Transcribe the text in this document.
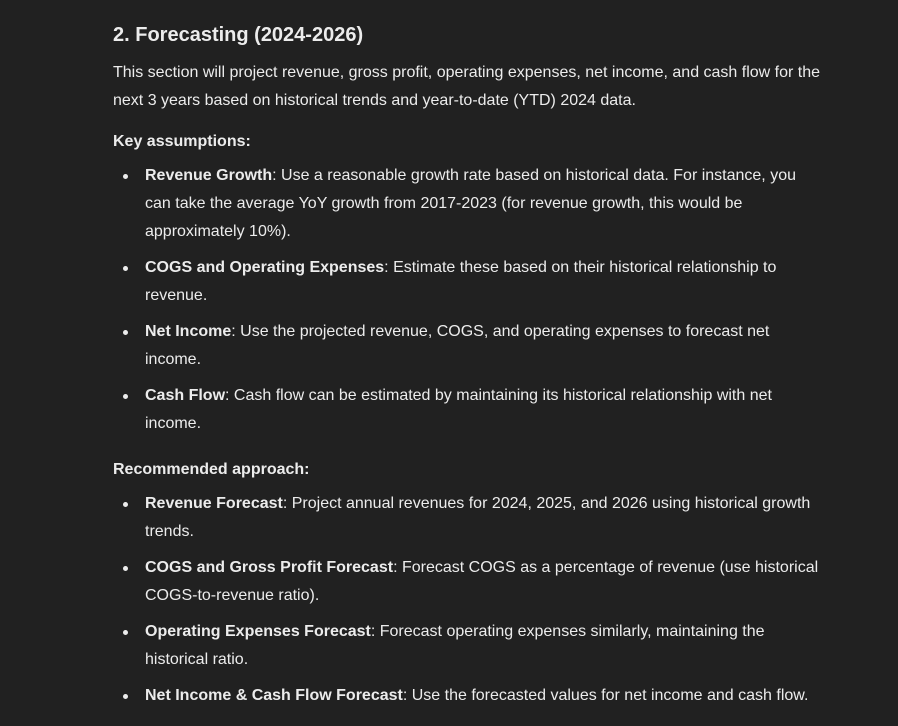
2. Forecasting (2024-2026)

This section will project revenue, gross profit, operating expenses, net income, and cash flow for the next 3 years based on historical trends and year-to-date (YTD) 2024 data.

Key assumptions:

Revenue Growth: Use a reasonable growth rate based on historical data. For instance, you can take the average YoY growth from 2017-2023 (for revenue growth, this would be approximately 10%).
COGS and Operating Expenses: Estimate these based on their historical relationship to revenue.
Net Income: Use the projected revenue, COGS, and operating expenses to forecast net income.
Cash Flow: Cash flow can be estimated by maintaining its historical relationship with net income.

Recommended approach:

Revenue Forecast: Project annual revenues for 2024, 2025, and 2026 using historical growth trends.
COGS and Gross Profit Forecast: Forecast COGS as a percentage of revenue (use historical COGS-to-revenue ratio).
Operating Expenses Forecast: Forecast operating expenses similarly, maintaining the historical ratio.
Net Income & Cash Flow Forecast: Use the forecasted values for net income and cash flow.
